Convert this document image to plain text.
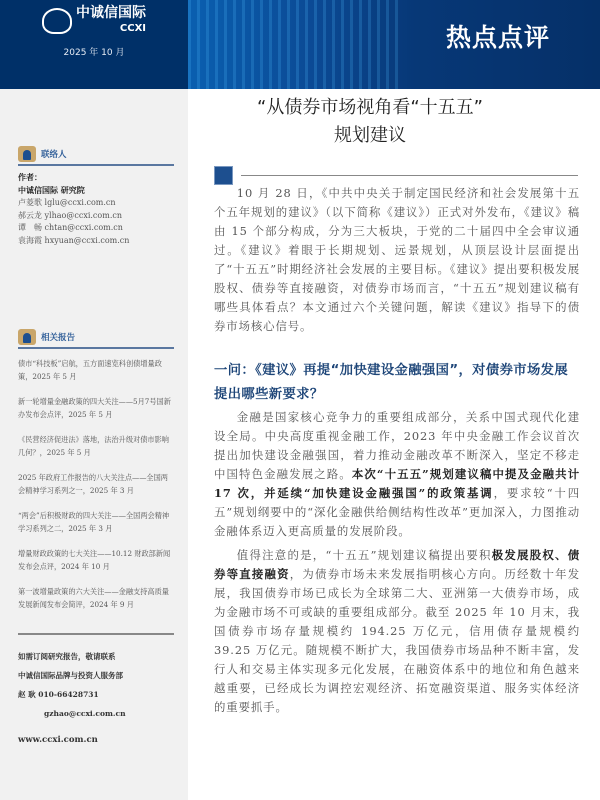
中诚信国际
CCXI
2025 年 10 月
联络人
作者：
中诚信国际 研究院
卢菱歌 lglu@ccxi.com.cn
郝云龙 ylhao@ccxi.com.cn
谭　畅 chtan@ccxi.com.cn
袁海霞 hxyuan@ccxi.com.cn
相关报告
债市“科技板”启航，五方面速览科创债增量政策，2025 年 5 月
新一轮增量金融政策的四大关注——5月7号国新办发布会点评，2025 年 5 月
《民营经济促进法》落地，法治升级对债市影响几何？，2025 年 5 月
2025 年政府工作报告的八大关注点——全国两会精神学习系列之一，2025 年 3 月
“两会”后积极财政的四大关注——全国两会精神学习系列之二，2025 年 3 月
增量财政政策的七大关注——10.12 财政部新闻发布会点评，2024 年 10 月
第一波增量政策的六大关注——金融支持高质量发展新闻发布会简评，2024 年 9 月
如需订阅研究报告，敬请联系
中诚信国际品牌与投资人服务部
赵 耿 010-66428731
gzhao@ccxi.com.cn
www.ccxi.com.cn
热点点评
“从债券市场视角看“十五五”
规划建议

10 月 28 日，《中共中央关于制定国民经济和社会发展第十五个五年规划的建议》（以下简称《建议》）正式对外发布，《建议》稿由 15 个部分构成，分为三大板块，于党的二十届四中全会审议通过。《建议》着眼于长期规划、远景规划，从顶层设计层面提出了“十五五”时期经济社会发展的主要目标。《建议》提出要积极发展股权、债券等直接融资，对债券市场而言，“十五五”规划建议稿有哪些具体看点？本文通过六个关键问题，解读《建议》指导下的债券市场核心信号。

一问：《建议》再提“加快建设金融强国”，对债券市场发展提出哪些新要求？

金融是国家核心竞争力的重要组成部分，关系中国式现代化建设全局。中央高度重视金融工作，2023 年中央金融工作会议首次提出加快建设金融强国，着力推动金融改革不断深入，坚定不移走中国特色金融发展之路。本次“十五五”规划建议稿中提及金融共计 17 次，并延续“加快建设金融强国”的政策基调，要求较“十四五”规划纲要中的“深化金融供给侧结构性改革”更加深入，力图推动金融体系迈入更高质量的发展阶段。

值得注意的是，“十五五”规划建议稿提出要积极发展股权、债券等直接融资，为债券市场未来发展指明核心方向。历经数十年发展，我国债券市场已成长为全球第二大、亚洲第一大债券市场，成为金融市场不可或缺的重要组成部分。截至 2025 年 10 月末，我国债券市场存量规模约 194.25 万亿元，信用债存量规模约 39.25 万亿元。随规模不断扩大，我国债券市场品种不断丰富，发行人和交易主体实现多元化发展，在融资体系中的地位和角色越来越重要，已经成长为调控宏观经济、拓宽融资渠道、服务实体经济的重要抓手。
